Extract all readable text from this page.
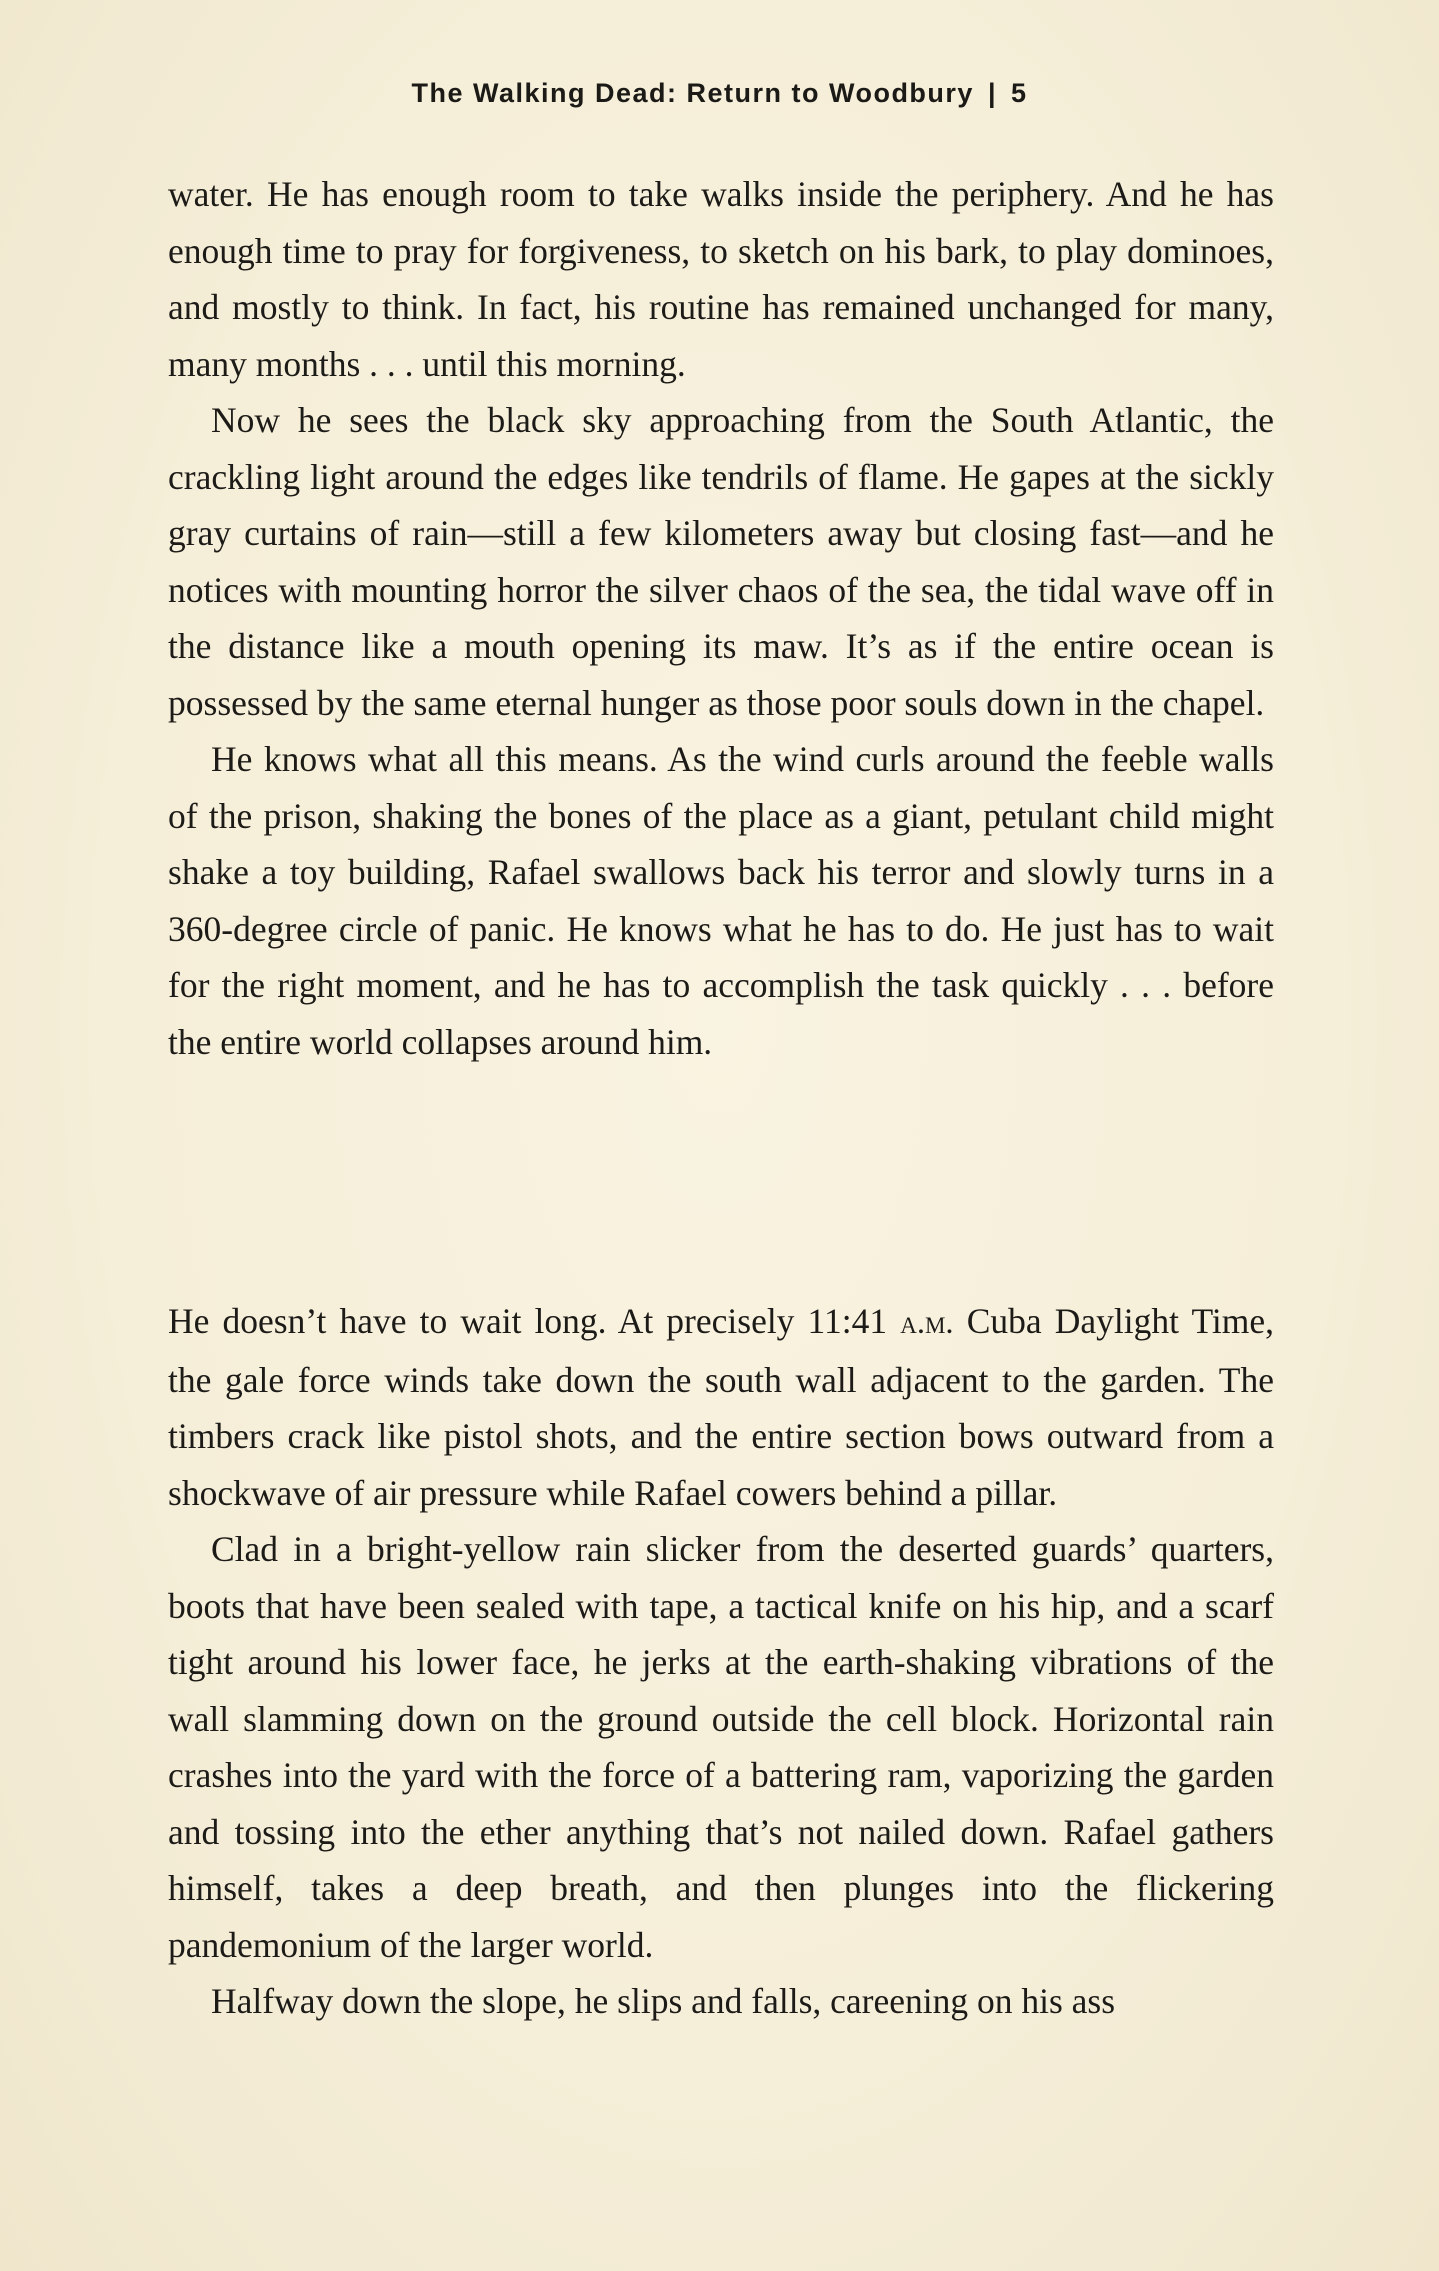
The Walking Dead: Return to Woodbury | 5

water. He has enough room to take walks inside the periphery. And he has enough time to pray for forgiveness, to sketch on his bark, to play dominoes, and mostly to think. In fact, his routine has remained unchanged for many, many months . . . until this morning.

Now he sees the black sky approaching from the South Atlantic, the crackling light around the edges like tendrils of flame. He gapes at the sickly gray curtains of rain—still a few kilometers away but closing fast—and he notices with mounting horror the silver chaos of the sea, the tidal wave off in the distance like a mouth opening its maw. It’s as if the entire ocean is possessed by the same eternal hunger as those poor souls down in the chapel.

He knows what all this means. As the wind curls around the feeble walls of the prison, shaking the bones of the place as a giant, petulant child might shake a toy building, Rafael swallows back his terror and slowly turns in a 360-degree circle of panic. He knows what he has to do. He just has to wait for the right moment, and he has to accomplish the task quickly . . . before the entire world collapses around him.

He doesn’t have to wait long. At precisely 11:41 a.m. Cuba Daylight Time, the gale force winds take down the south wall adjacent to the garden. The timbers crack like pistol shots, and the entire section bows outward from a shockwave of air pressure while Rafael cowers behind a pillar.

Clad in a bright-yellow rain slicker from the deserted guards’ quarters, boots that have been sealed with tape, a tactical knife on his hip, and a scarf tight around his lower face, he jerks at the earth-shaking vibrations of the wall slamming down on the ground outside the cell block. Horizontal rain crashes into the yard with the force of a battering ram, vaporizing the garden and tossing into the ether anything that’s not nailed down. Rafael gathers himself, takes a deep breath, and then plunges into the flickering pandemonium of the larger world.

Halfway down the slope, he slips and falls, careening on his ass
